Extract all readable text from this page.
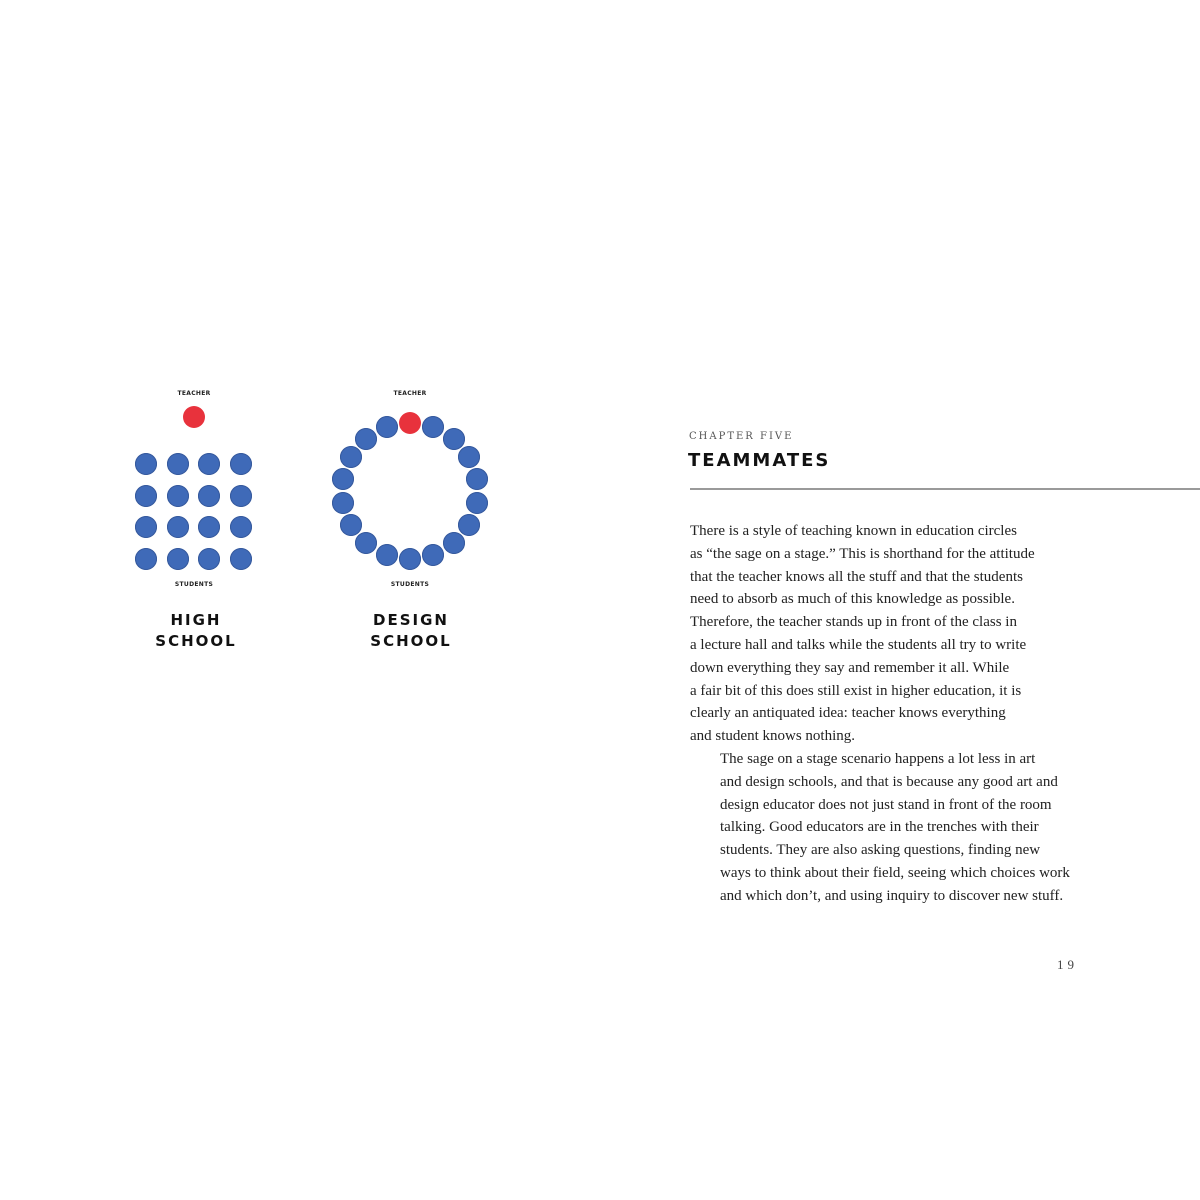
TEACHER
STUDENTS
HIGH
SCHOOL
TEACHER
STUDENTS
DESIGN
SCHOOL
CHAPTER FIVE
TEAMMATES

There is a style of teaching known in education circles
as “the sage on a stage.” This is shorthand for the attitude
that the teacher knows all the stuff and that the students
need to absorb as much of this knowledge as possible.
Therefore, the teacher stands up in front of the class in
a lecture hall and talks while the students all try to write
down everything they say and remember it all. While
a fair bit of this does still exist in higher education, it is
clearly an antiquated idea: teacher knows everything
and student knows nothing.

The sage on a stage scenario happens a lot less in art
and design schools, and that is because any good art and
design educator does not just stand in front of the room
talking. Good educators are in the trenches with their
students. They are also asking questions, finding new
ways to think about their field, seeing which choices work
and which don’t, and using inquiry to discover new stuff.

19
